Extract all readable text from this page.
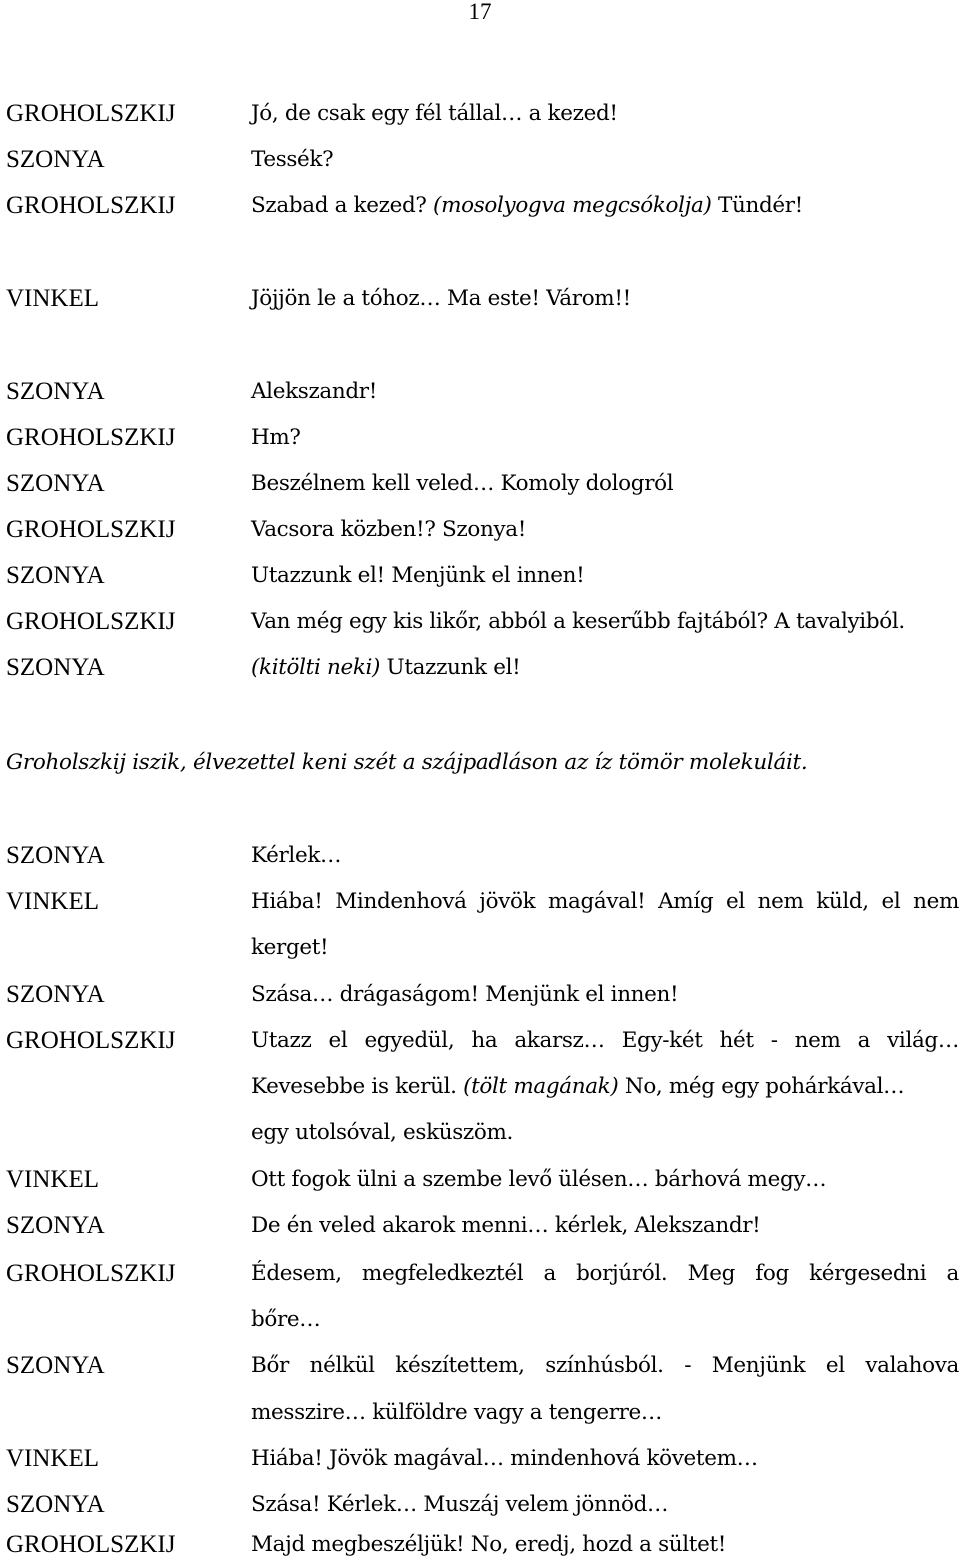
17
GROHOLSZKIJ	Jó, de csak egy fél tállal… a kezed!
SZONYA	Tessék?
GROHOLSZKIJ	Szabad a kezed? (mosolyogva megcsókolja) Tündér!
VINKEL	Jöjjön le a tóhoz… Ma este! Várom!!
SZONYA	Alekszandr!
GROHOLSZKIJ	Hm?
SZONYA	Beszélnem kell veled… Komoly dologról
GROHOLSZKIJ	Vacsora közben!? Szonya!
SZONYA	Utazzunk el! Menjünk el innen!
GROHOLSZKIJ	Van még egy kis likőr, abból a keserűbb fajtából? A tavalyiból.
SZONYA	(kitölti neki) Utazzunk el!
Groholszkij iszik, élvezettel keni szét a szájpadláson az íz tömör molekuláit.
SZONYA	Kérlek…
VINKEL	Hiába! Mindenhová jövök magával! Amíg el nem küld, el nem
kerget!
SZONYA	Szása… drágaságom! Menjünk el innen!
GROHOLSZKIJ	Utazz el egyedül, ha akarsz… Egy-két hét - nem a világ…
Kevesebbe is kerül. (tölt magának) No, még egy pohárkával…
egy utolsóval, esküszöm.
VINKEL	Ott fogok ülni a szembe levő ülésen… bárhová megy…
SZONYA	De én veled akarok menni… kérlek, Alekszandr!
GROHOLSZKIJ	Édesem, megfeledkeztél a borjúról. Meg fog kérgesedni a
bőre…
SZONYA	Bőr nélkül készítettem, színhúsból. - Menjünk el valahova
messzire… külföldre vagy a tengerre…
VINKEL	Hiába! Jövök magával… mindenhová követem…
SZONYA	Szása! Kérlek… Muszáj velem jönnöd…
GROHOLSZKIJ	Majd megbeszéljük! No, eredj, hozd a sültet!
